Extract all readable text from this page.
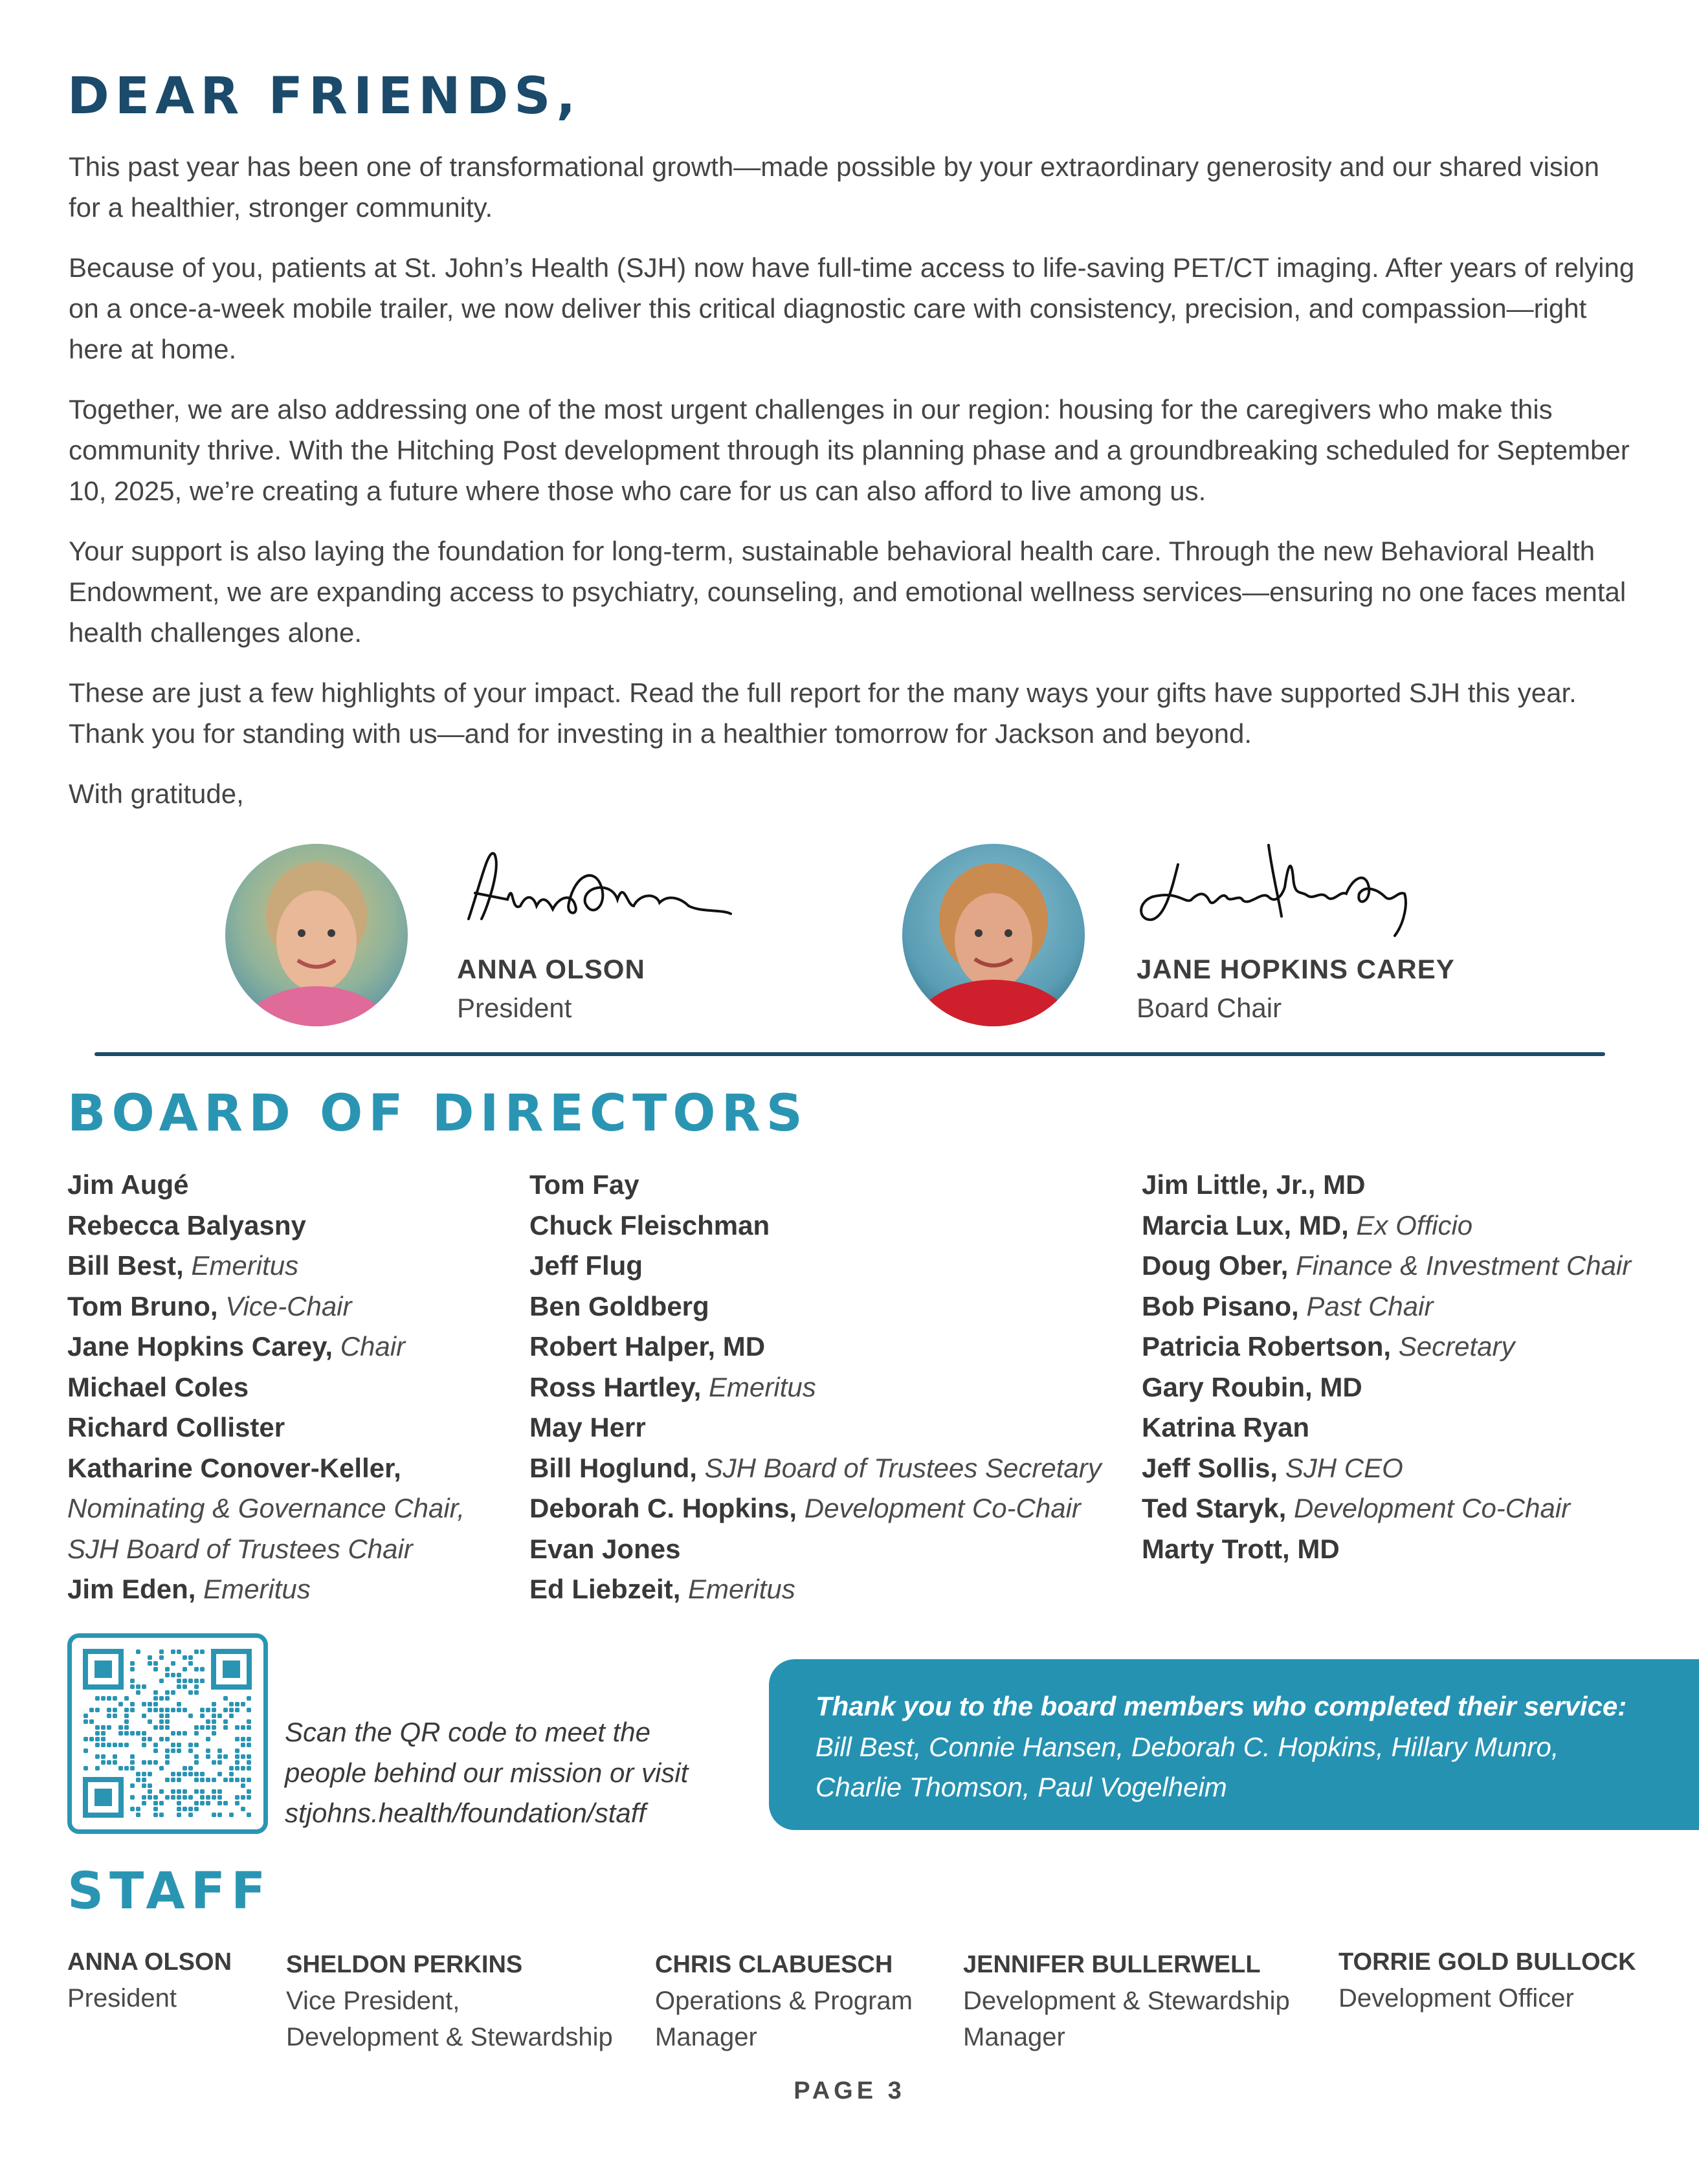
DEAR FRIENDS,

This past year has been one of transformational growth—made possible by your extraordinary generosity and our shared vision for a healthier, stronger community.

Because of you, patients at St. John’s Health (SJH) now have full-time access to life-saving PET/CT imaging. After years of relying on a once-a-week mobile trailer, we now deliver this critical diagnostic care with consistency, precision, and compassion—right here at home.

Together, we are also addressing one of the most urgent challenges in our region: housing for the caregivers who make this community thrive. With the Hitching Post development through its planning phase and a groundbreaking scheduled for September 10, 2025, we’re creating a future where those who care for us can also afford to live among us.

Your support is also laying the foundation for long-term, sustainable behavioral health care. Through the new Behavioral Health Endowment, we are expanding access to psychiatry, counseling, and emotional wellness services—ensuring no one faces mental health challenges alone.

These are just a few highlights of your impact. Read the full report for the many ways your gifts have supported SJH this year. Thank you for standing with us—and for investing in a healthier tomorrow for Jackson and beyond.

With gratitude,

ANNA OLSON
President
JANE HOPKINS CAREY
Board Chair
BOARD OF DIRECTORS
Jim Augé
Rebecca Balyasny
Bill Best, Emeritus
Tom Bruno, Vice-Chair
Jane Hopkins Carey, Chair
Michael Coles
Richard Collister
Katharine Conover-Keller,
Nominating & Governance Chair,
SJH Board of Trustees Chair
Jim Eden, Emeritus
Tom Fay
Chuck Fleischman
Jeff Flug
Ben Goldberg
Robert Halper, MD
Ross Hartley, Emeritus
May Herr
Bill Hoglund, SJH Board of Trustees Secretary
Deborah C. Hopkins, Development Co-Chair
Evan Jones
Ed Liebzeit, Emeritus
Jim Little, Jr., MD
Marcia Lux, MD, Ex Officio
Doug Ober, Finance & Investment Chair
Bob Pisano, Past Chair
Patricia Robertson, Secretary
Gary Roubin, MD
Katrina Ryan
Jeff Sollis, SJH CEO
Ted Staryk, Development Co-Chair
Marty Trott, MD
Scan the QR code to meet the
people behind our mission or visit
stjohns.health/foundation/staff
Thank you to the board members who completed their service:
Bill Best, Connie Hansen, Deborah C. Hopkins, Hillary Munro,
Charlie Thomson, Paul Vogelheim
STAFF
ANNA OLSON
President
SHELDON PERKINS
Vice President,
Development & Stewardship
CHRIS CLABUESCH
Operations & Program
Manager
JENNIFER BULLERWELL
Development & Stewardship
Manager
TORRIE GOLD BULLOCK
Development Officer
PAGE 3
